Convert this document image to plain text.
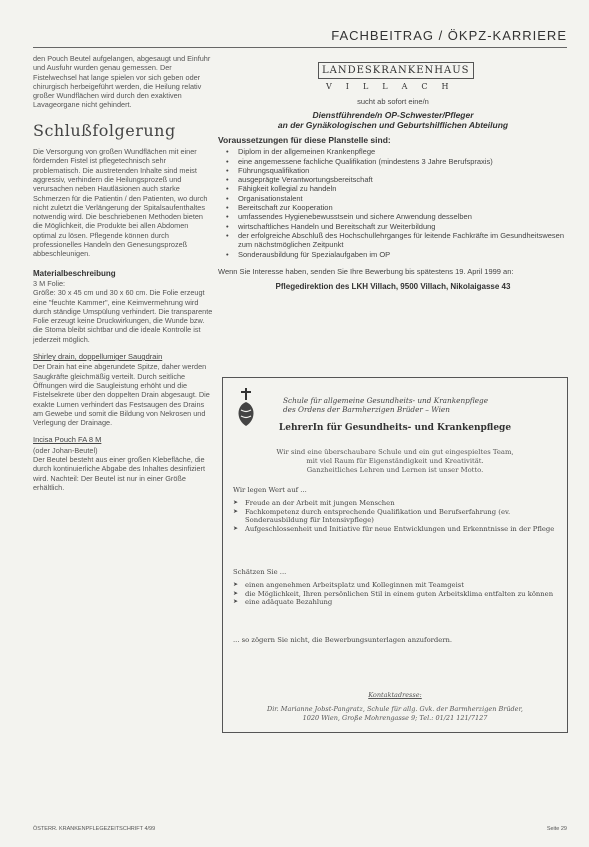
FACHBEITRAG / ÖKPZ-KARRIERE

den Pouch Beutel aufgelangen, abgesaugt und Einfuhr und Ausfuhr wurden genau gemessen. Der Fistelwechsel hat lange spielen vor sich geben oder chirurgisch herbeigeführt werden, die Heilung relativ großer Wundflächen wird durch den exaktiven Lavageorgane nicht gehindert.

Schlußfolgerung

Die Versorgung von großen Wundflächen mit einer fördernden Fistel ist pflegetechnisch sehr problematisch. Die austretenden Inhalte sind meist aggressiv, verhindern die Heilungsprozeß und verursachen neben Hautläsionen auch starke Schmerzen für die Patientin / den Patienten, wo durch nicht zuletzt die Verlängerung der Spitalsaufenthaltes notwendig wird. Die beschriebenen Methoden bieten die Möglichkeit, die Produkte bei allen Abdomen optimal zu lösen. Pflegende können durch professionelles Handeln den Genesungsprozeß abbeschleunigen.

Materialbeschreibung

3 M Folie:

Größe: 30 x 45 cm und 30 x 60 cm. Die Folie erzeugt eine "feuchte Kammer", eine Keimvermehrung wird durch ständige Umspülung verhindert. Die transparente Folie erzeugt keine Druckwirkungen, die Wunde bzw. die Stoma bleibt sichtbar und die ideale Kontrolle ist jederzeit möglich.

Shirley drain, doppellumiger Saugdrain

Der Drain hat eine abgerundete Spitze, daher werden Saugkräfte gleichmäßig verteilt. Durch seitliche Öffnungen wird die Saugleistung erhöht und die Fistelsekrete über den doppelten Drain abgesaugt. Die exakte Lumen verhindert das Festsaugen des Drains am Gewebe und somit die Bildung von Nekrosen und Verlegung der Drainage.

Incisa Pouch FA 8 M

(oder Johan-Beutel)

Der Beutel besteht aus einer großen Klebefläche, die durch kontinuierliche Abgabe des Inhaltes desinfiziert wird. Nachteil: Der Beutel ist nur in einer Größe erhältlich.

LANDESKRANKENHAUS
VILLACH
sucht ab sofort eine/n
Dienstführende/n OP-Schwester/Pfleger
an der Gynäkologischen und Geburtshilflichen Abteilung
Voraussetzungen für diese Planstelle sind:
• Diplom in der allgemeinen Krankenpflege
• eine angemessene fachliche Qualifikation (mindestens 3 Jahre Berufspraxis)
• Führungsqualifikation
• ausgeprägte Verantwortungsbereitschaft
• Fähigkeit kollegial zu handeln
• Organisationstalent
• Bereitschaft zur Kooperation
• umfassendes Hygienebewusstsein und sichere Anwendung desselben
• wirtschaftliches Handeln und Bereitschaft zur Weiterbildung
• der erfolgreiche Abschluß des Hochschullehrganges für leitende Fachkräfte im Gesundheitswesen zum nächstmöglichen Zeitpunkt
• Sonderausbildung für Spezialaufgaben im OP
Wenn Sie Interesse haben, senden Sie Ihre Bewerbung bis spätestens 19. April 1999 an:
Pflegedirektion des LKH Villach, 9500 Villach, Nikolaigasse 43
Schule für allgemeine Gesundheits- und Krankenpflege
des Ordens der Barmherzigen Brüder – Wien
LehrerIn für Gesundheits- und Krankenpflege
Wir sind eine überschaubare Schule und ein gut eingespieltes Team,
mit viel Raum für Eigenständigkeit und Kreativität.
Ganzheitliches Lehren und Lernen ist unser Motto.
Wir legen Wert auf ...
➤ Freude an der Arbeit mit jungen Menschen
➤ Fachkompetenz durch entsprechende Qualifikation und Berufserfahrung (ev. Sonderausbildung für Intensivpflege)
➤ Aufgeschlossenheit und Initiative für neue Entwicklungen und Erkenntnisse in der Pflege
Schätzen Sie ...
➤ einen angenehmen Arbeitsplatz und Kolleginnen mit Teamgeist
➤ die Möglichkeit, Ihren persönlichen Stil in einem guten Arbeitsklima entfalten zu können
➤ eine adäquate Bezahlung
... so zögern Sie nicht, die Bewerbungsunterlagen anzufordern.
Kontaktadresse:
Dir. Marianne Jobst-Pangratz, Schule für allg. Gvk. der Barmherzigen Brüder,
1020 Wien, Große Mohrengasse 9; Tel.: 01/21 121/7127
ÖSTERR. KRANKENPFLEGEZEITSCHRIFT 4/99	Seite 29
